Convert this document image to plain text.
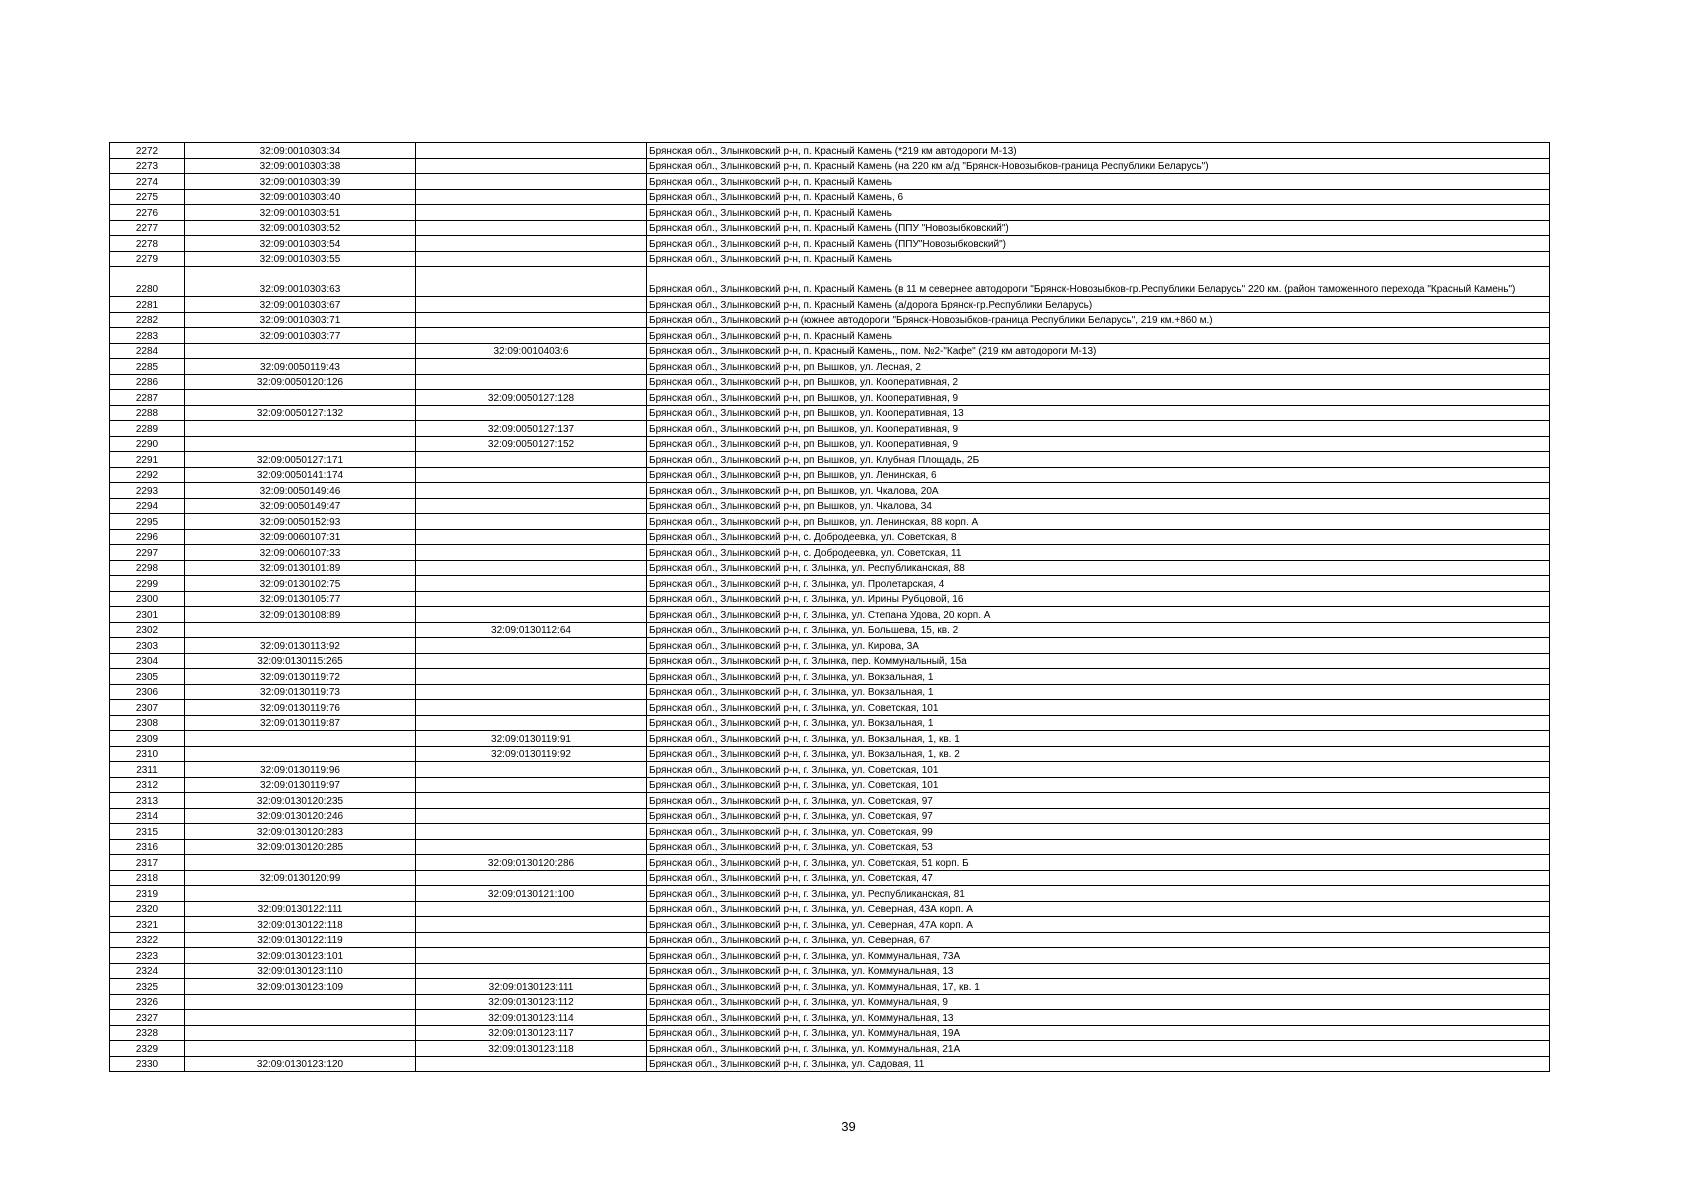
2272	32:09:0010303:34		Брянская обл., Злынковский р-н, п. Красный Камень (*219 км автодороги М-13)
2273	32:09:0010303:38		Брянская обл., Злынковский р-н, п. Красный Камень (на 220 км а/д "Брянск-Новозыбков-граница Республики Беларусь")
2274	32:09:0010303:39		Брянская обл., Злынковский р-н, п. Красный Камень
2275	32:09:0010303:40		Брянская обл., Злынковский р-н, п. Красный Камень, 6
2276	32:09:0010303:51		Брянская обл., Злынковский р-н, п. Красный Камень
2277	32:09:0010303:52		Брянская обл., Злынковский р-н, п. Красный Камень (ППУ "Новозыбковский")
2278	32:09:0010303:54		Брянская обл., Злынковский р-н, п. Красный Камень (ППУ"Новозыбковский")
2279	32:09:0010303:55		Брянская обл., Злынковский р-н, п. Красный Камень
2280	32:09:0010303:63		Брянская обл., Злынковский р-н, п. Красный Камень (в 11 м севернее автодороги "Брянск-Новозыбков-гр.Республики Беларусь" 220 км. (район таможенного перехода "Красный Камень")
2281	32:09:0010303:67		Брянская обл., Злынковский р-н, п. Красный Камень (а/дорога Брянск-гр.Республики Беларусь)
2282	32:09:0010303:71		Брянская обл., Злынковский р-н (южнее автодороги "Брянск-Новозыбков-граница Республики Беларусь", 219 км.+860 м.)
2283	32:09:0010303:77		Брянская обл., Злынковский р-н, п. Красный Камень
2284		32:09:0010403:6	Брянская обл., Злынковский р-н, п. Красный Камень,, пом. №2-"Кафе" (219 км автодороги М-13)
2285	32:09:0050119:43		Брянская обл., Злынковский р-н, рп Вышков, ул. Лесная, 2
2286	32:09:0050120:126		Брянская обл., Злынковский р-н, рп Вышков, ул. Кооперативная, 2
2287		32:09:0050127:128	Брянская обл., Злынковский р-н, рп Вышков, ул. Кооперативная, 9
2288	32:09:0050127:132		Брянская обл., Злынковский р-н, рп Вышков, ул. Кооперативная, 13
2289		32:09:0050127:137	Брянская обл., Злынковский р-н, рп Вышков, ул. Кооперативная, 9
2290		32:09:0050127:152	Брянская обл., Злынковский р-н, рп Вышков, ул. Кооперативная, 9
2291	32:09:0050127:171		Брянская обл., Злынковский р-н, рп Вышков, ул. Клубная Площадь, 2Б
2292	32:09:0050141:174		Брянская обл., Злынковский р-н, рп Вышков, ул. Ленинская, 6
2293	32:09:0050149:46		Брянская обл., Злынковский р-н, рп Вышков, ул. Чкалова, 20А
2294	32:09:0050149:47		Брянская обл., Злынковский р-н, рп Вышков, ул. Чкалова, 34
2295	32:09:0050152:93		Брянская обл., Злынковский р-н, рп Вышков, ул. Ленинская, 88 корп. А
2296	32:09:0060107:31		Брянская обл., Злынковский р-н, с. Добродеевка, ул. Советская, 8
2297	32:09:0060107:33		Брянская обл., Злынковский р-н, с. Добродеевка, ул. Советская, 11
2298	32:09:0130101:89		Брянская обл., Злынковский р-н, г. Злынка, ул. Республиканская, 88
2299	32:09:0130102:75		Брянская обл., Злынковский р-н, г. Злынка, ул. Пролетарская, 4
2300	32:09:0130105:77		Брянская обл., Злынковский р-н, г. Злынка, ул. Ирины Рубцовой, 16
2301	32:09:0130108:89		Брянская обл., Злынковский р-н, г. Злынка, ул. Степана Удова, 20 корп. А
2302		32:09:0130112:64	Брянская обл., Злынковский р-н, г. Злынка, ул. Большева, 15, кв. 2
2303	32:09:0130113:92		Брянская обл., Злынковский р-н, г. Злынка, ул. Кирова, 3А
2304	32:09:0130115:265		Брянская обл., Злынковский р-н, г. Злынка, пер. Коммунальный, 15а
2305	32:09:0130119:72		Брянская обл., Злынковский р-н, г. Злынка, ул. Вокзальная, 1
2306	32:09:0130119:73		Брянская обл., Злынковский р-н, г. Злынка, ул. Вокзальная, 1
2307	32:09:0130119:76		Брянская обл., Злынковский р-н, г. Злынка, ул. Советская, 101
2308	32:09:0130119:87		Брянская обл., Злынковский р-н, г. Злынка, ул. Вокзальная, 1
2309		32:09:0130119:91	Брянская обл., Злынковский р-н, г. Злынка, ул. Вокзальная, 1, кв. 1
2310		32:09:0130119:92	Брянская обл., Злынковский р-н, г. Злынка, ул. Вокзальная, 1, кв. 2
2311	32:09:0130119:96		Брянская обл., Злынковский р-н, г. Злынка, ул. Советская, 101
2312	32:09:0130119:97		Брянская обл., Злынковский р-н, г. Злынка, ул. Советская, 101
2313	32:09:0130120:235		Брянская обл., Злынковский р-н, г. Злынка, ул. Советская, 97
2314	32:09:0130120:246		Брянская обл., Злынковский р-н, г. Злынка, ул. Советская, 97
2315	32:09:0130120:283		Брянская обл., Злынковский р-н, г. Злынка, ул. Советская, 99
2316	32:09:0130120:285		Брянская обл., Злынковский р-н, г. Злынка, ул. Советская, 53
2317		32:09:0130120:286	Брянская обл., Злынковский р-н, г. Злынка, ул. Советская, 51 корп. Б
2318	32:09:0130120:99		Брянская обл., Злынковский р-н, г. Злынка, ул. Советская, 47
2319		32:09:0130121:100	Брянская обл., Злынковский р-н, г. Злынка, ул. Республиканская, 81
2320	32:09:0130122:111		Брянская обл., Злынковский р-н, г. Злынка, ул. Северная, 43А корп. А
2321	32:09:0130122:118		Брянская обл., Злынковский р-н, г. Злынка, ул. Северная, 47А корп. А
2322	32:09:0130122:119		Брянская обл., Злынковский р-н, г. Злынка, ул. Северная, 67
2323	32:09:0130123:101		Брянская обл., Злынковский р-н, г. Злынка, ул. Коммунальная, 73А
2324	32:09:0130123:110		Брянская обл., Злынковский р-н, г. Злынка, ул. Коммунальная, 13
2325	32:09:0130123:109	32:09:0130123:111	Брянская обл., Злынковский р-н, г. Злынка, ул. Коммунальная, 17, кв. 1
2326		32:09:0130123:112	Брянская обл., Злынковский р-н, г. Злынка, ул. Коммунальная, 9
2327		32:09:0130123:114	Брянская обл., Злынковский р-н, г. Злынка, ул. Коммунальная, 13
2328		32:09:0130123:117	Брянская обл., Злынковский р-н, г. Злынка, ул. Коммунальная, 19А
2329		32:09:0130123:118	Брянская обл., Злынковский р-н, г. Злынка, ул. Коммунальная, 21А
2330	32:09:0130123:120		Брянская обл., Злынковский р-н, г. Злынка, ул. Садовая, 11
39
